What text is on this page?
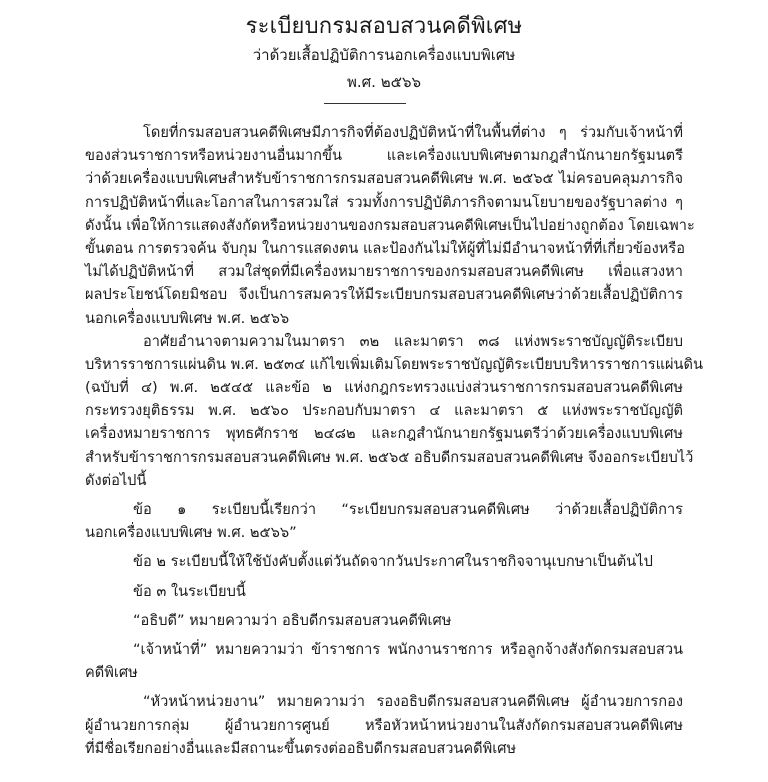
ระเบียบกรมสอบสวนคดีพิเศษ
ว่าด้วยเสื้อปฏิบัติการนอกเครื่องแบบพิเศษ
พ.ศ. ๒๕๖๖
โดยที่กรมสอบสวนคดีพิเศษมีภารกิจที่ต้องปฏิบัติหน้าที่ในพื้นที่ต่าง ๆ ร่วมกับเจ้าหน้าที่
ของส่วนราชการหรือหน่วยงานอื่นมากขึ้น และเครื่องแบบพิเศษตามกฎสำนักนายกรัฐมนตรี
ว่าด้วยเครื่องแบบพิเศษสำหรับข้าราชการกรมสอบสวนคดีพิเศษ พ.ศ. ๒๕๖๕ ไม่ครอบคลุมภารกิจ
การปฏิบัติหน้าที่และโอกาสในการสวมใส่ รวมทั้งการปฏิบัติภารกิจตามนโยบายของรัฐบาลต่าง ๆ
ดังนั้น เพื่อให้การแสดงสังกัดหรือหน่วยงานของกรมสอบสวนคดีพิเศษเป็นไปอย่างถูกต้อง โดยเฉพาะ
ขั้นตอน การตรวจค้น จับกุม ในการแสดงตน และป้องกันไม่ให้ผู้ที่ไม่มีอำนาจหน้าที่ที่เกี่ยวข้องหรือ
ไม่ได้ปฏิบัติหน้าที่ สวมใส่ชุดที่มีเครื่องหมายราชการของกรมสอบสวนคดีพิเศษ เพื่อแสวงหา
ผลประโยชน์โดยมิชอบ จึงเป็นการสมควรให้มีระเบียบกรมสอบสวนคดีพิเศษว่าด้วยเสื้อปฏิบัติการ
นอกเครื่องแบบพิเศษ พ.ศ. ๒๕๖๖
อาศัยอำนาจตามความในมาตรา ๓๒ และมาตรา ๓๘ แห่งพระราชบัญญัติระเบียบ
บริหารราชการแผ่นดิน พ.ศ. ๒๕๓๔ แก้ไขเพิ่มเติมโดยพระราชบัญญัติระเบียบบริหารราชการแผ่นดิน
(ฉบับที่ ๔) พ.ศ. ๒๕๔๕ และข้อ ๒ แห่งกฎกระทรวงแบ่งส่วนราชการกรมสอบสวนคดีพิเศษ
กระทรวงยุติธรรม พ.ศ. ๒๕๖๐ ประกอบกับมาตรา ๔ และมาตรา ๕ แห่งพระราชบัญญัติ
เครื่องหมายราชการ พุทธศักราช ๒๔๘๒ และกฎสำนักนายกรัฐมนตรีว่าด้วยเครื่องแบบพิเศษ
สำหรับข้าราชการกรมสอบสวนคดีพิเศษ พ.ศ. ๒๕๖๕ อธิบดีกรมสอบสวนคดีพิเศษ จึงออกระเบียบไว้
ดังต่อไปนี้
ข้อ ๑ ระเบียบนี้เรียกว่า “ระเบียบกรมสอบสวนคดีพิเศษ ว่าด้วยเสื้อปฏิบัติการ
นอกเครื่องแบบพิเศษ พ.ศ. ๒๕๖๖”
ข้อ ๒ ระเบียบนี้ให้ใช้บังคับตั้งแต่วันถัดจากวันประกาศในราชกิจจานุเบกษาเป็นต้นไป
ข้อ ๓ ในระเบียบนี้
“อธิบดี” หมายความว่า อธิบดีกรมสอบสวนคดีพิเศษ
“เจ้าหน้าที่” หมายความว่า ข้าราชการ พนักงานราชการ หรือลูกจ้างสังกัดกรมสอบสวน
คดีพิเศษ
“หัวหน้าหน่วยงาน” หมายความว่า รองอธิบดีกรมสอบสวนคดีพิเศษ ผู้อำนวยการกอง
ผู้อำนวยการกลุ่ม ผู้อำนวยการศูนย์ หรือหัวหน้าหน่วยงานในสังกัดกรมสอบสวนคดีพิเศษ
ที่มีชื่อเรียกอย่างอื่นและมีสถานะขึ้นตรงต่ออธิบดีกรมสอบสวนคดีพิเศษ
